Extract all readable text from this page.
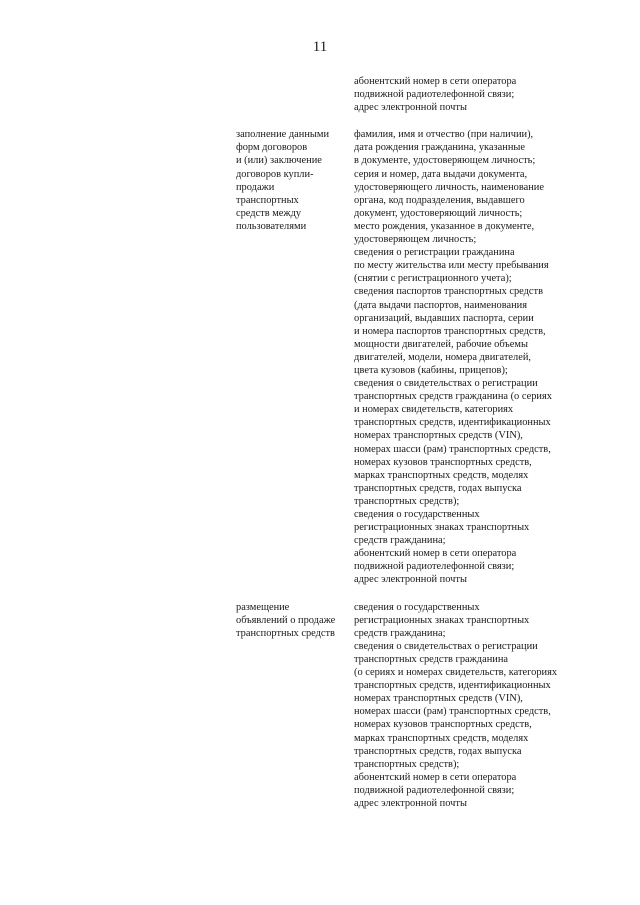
11
абонентский номер в сети оператора
подвижной радиотелефонной связи;
адрес электронной почты
заполнение данными
форм договоров
и (или) заключение
договоров купли-
продажи
транспортных
средств между
пользователями
фамилия, имя и отчество (при наличии),
дата рождения гражданина, указанные
в документе, удостоверяющем личность;
серия и номер, дата выдачи документа,
удостоверяющего личность, наименование
органа, код подразделения, выдавшего
документ, удостоверяющий личность;
место рождения, указанное в документе,
удостоверяющем личность;
сведения о регистрации гражданина
по месту жительства или месту пребывания
(снятии с регистрационного учета);
сведения паспортов транспортных средств
(дата выдачи паспортов, наименования
организаций, выдавших паспорта, серии
и номера паспортов транспортных средств,
мощности двигателей, рабочие объемы
двигателей, модели, номера двигателей,
цвета кузовов (кабины, прицепов);
сведения о свидетельствах о регистрации
транспортных средств гражданина (о сериях
и номерах свидетельств, категориях
транспортных средств, идентификационных
номерах транспортных средств (VIN),
номерах шасси (рам) транспортных средств,
номерах кузовов транспортных средств,
марках транспортных средств, моделях
транспортных средств, годах выпуска
транспортных средств);
сведения о государственных
регистрационных знаках транспортных
средств гражданина;
абонентский номер в сети оператора
подвижной радиотелефонной связи;
адрес электронной почты
размещение
объявлений о продаже
транспортных средств
сведения о государственных
регистрационных знаках транспортных
средств гражданина;
сведения о свидетельствах о регистрации
транспортных средств гражданина
(о сериях и номерах свидетельств, категориях
транспортных средств, идентификационных
номерах транспортных средств (VIN),
номерах шасси (рам) транспортных средств,
номерах кузовов транспортных средств,
марках транспортных средств, моделях
транспортных средств, годах выпуска
транспортных средств);
абонентский номер в сети оператора
подвижной радиотелефонной связи;
адрес электронной почты
